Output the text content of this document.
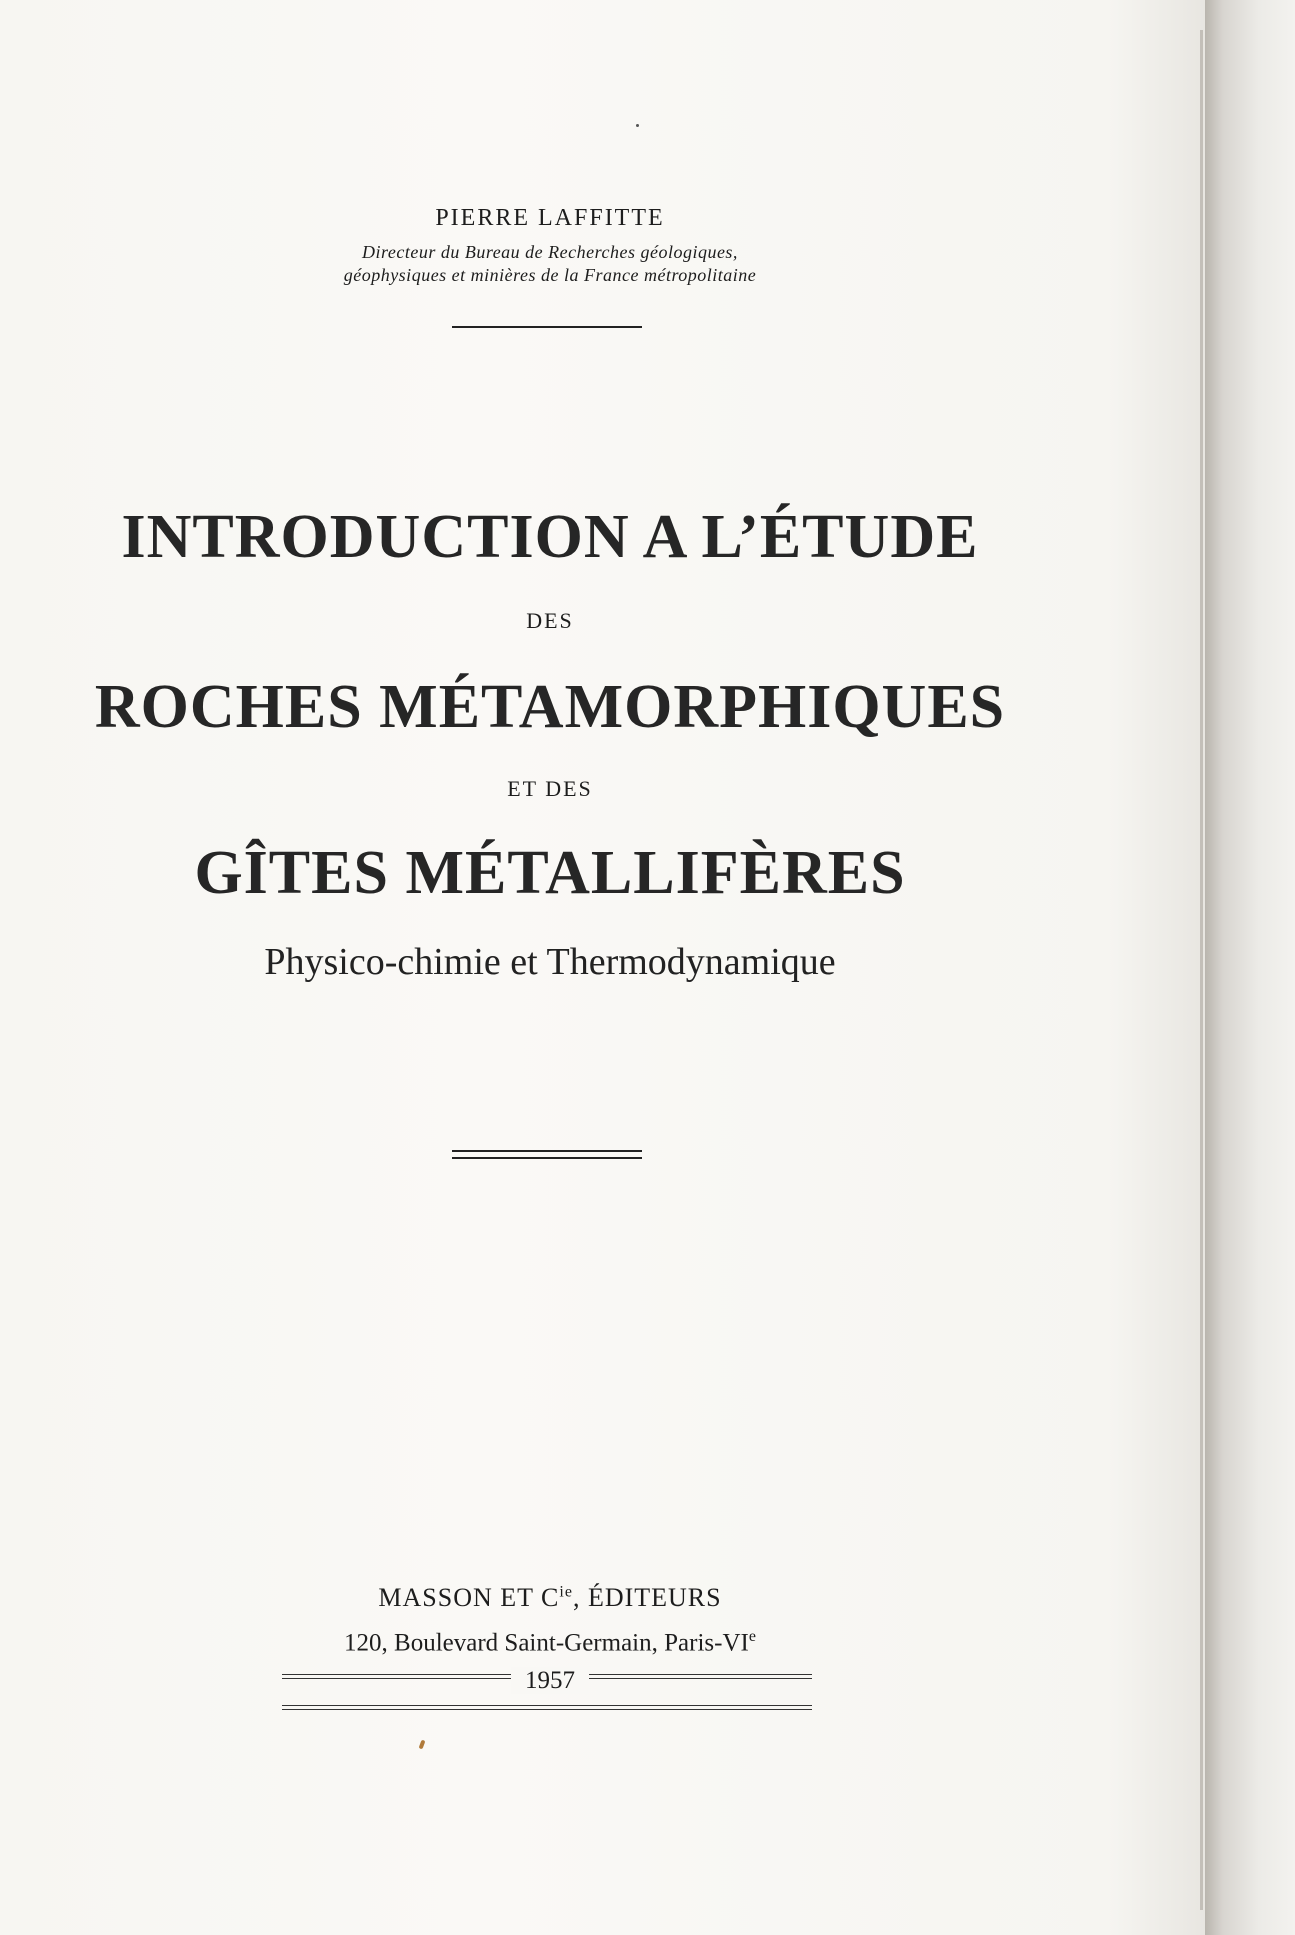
PIERRE LAFFITTE
Directeur du Bureau de Recherches géologiques,
géophysiques et minières de la France métropolitaine
INTRODUCTION A L’ÉTUDE
DES
ROCHES MÉTAMORPHIQUES
ET DES
GÎTES MÉTALLIFÈRES
Physico-chimie et Thermodynamique
MASSON ET $C^{ie}$, ÉDITEURS
120, Boulevard Saint-Germain, Paris-VIe
1957
